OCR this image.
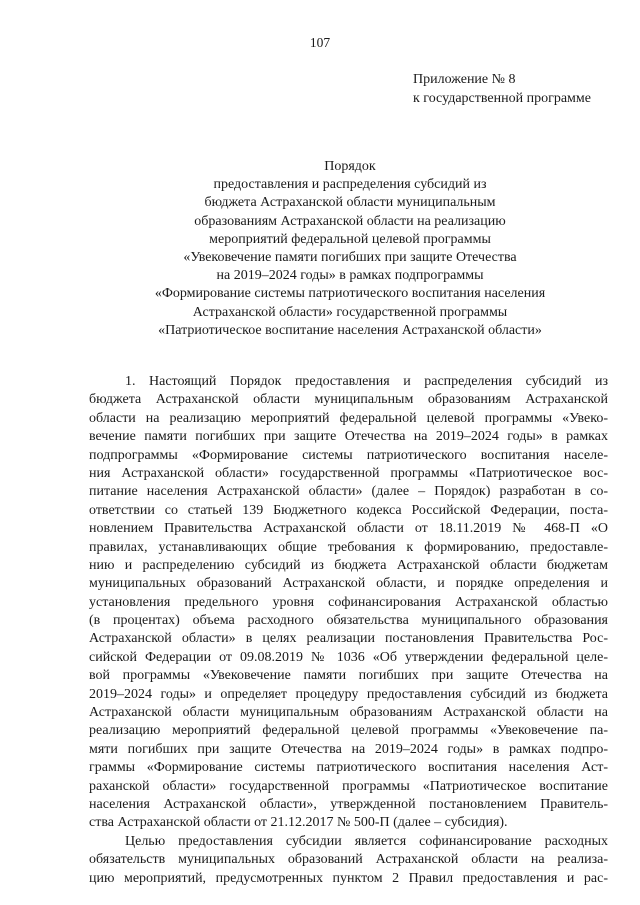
107
Приложение № 8
к государственной программе
Порядок
предоставления и распределения субсидий из
бюджета Астраханской области муниципальным
образованиям Астраханской области на реализацию
мероприятий федеральной целевой программы
«Увековечение памяти погибших при защите Отечества
на 2019–2024 годы» в рамках подпрограммы
«Формирование системы патриотического воспитания населения
Астраханской области» государственной программы
«Патриотическое воспитание населения Астраханской области»
1. Настоящий Порядок предоставления и распределения субсидий из
бюджета Астраханской области муниципальным образованиям Астраханской
области на реализацию мероприятий федеральной целевой программы «Увеко-
вечение памяти погибших при защите Отечества на 2019–2024 годы» в рамках
подпрограммы «Формирование системы патриотического воспитания населе-
ния Астраханской области» государственной программы «Патриотическое вос-
питание населения Астраханской области» (далее – Порядок) разработан в со-
ответствии со статьей 139 Бюджетного кодекса Российской Федерации, поста-
новлением Правительства Астраханской области от 18.11.2019 № 468-П «О
правилах, устанавливающих общие требования к формированию, предоставле-
нию и распределению субсидий из бюджета Астраханской области бюджетам
муниципальных образований Астраханской области, и порядке определения и
установления предельного уровня софинансирования Астраханской областью
(в процентах) объема расходного обязательства муниципального образования
Астраханской области» в целях реализации постановления Правительства Рос-
сийской Федерации от 09.08.2019 № 1036 «Об утверждении федеральной целе-
вой программы «Увековечение памяти погибших при защите Отечества на
2019–2024 годы» и определяет процедуру предоставления субсидий из бюджета
Астраханской области муниципальным образованиям Астраханской области на
реализацию мероприятий федеральной целевой программы «Увековечение па-
мяти погибших при защите Отечества на 2019–2024 годы» в рамках подпро-
граммы «Формирование системы патриотического воспитания населения Аст-
раханской области» государственной программы «Патриотическое воспитание
населения Астраханской области», утвержденной постановлением Правитель-
ства Астраханской области от 21.12.2017 № 500-П (далее – субсидия).
Целью предоставления субсидии является софинансирование расходных
обязательств муниципальных образований Астраханской области на реализа-
цию мероприятий, предусмотренных пунктом 2 Правил предоставления и рас-
